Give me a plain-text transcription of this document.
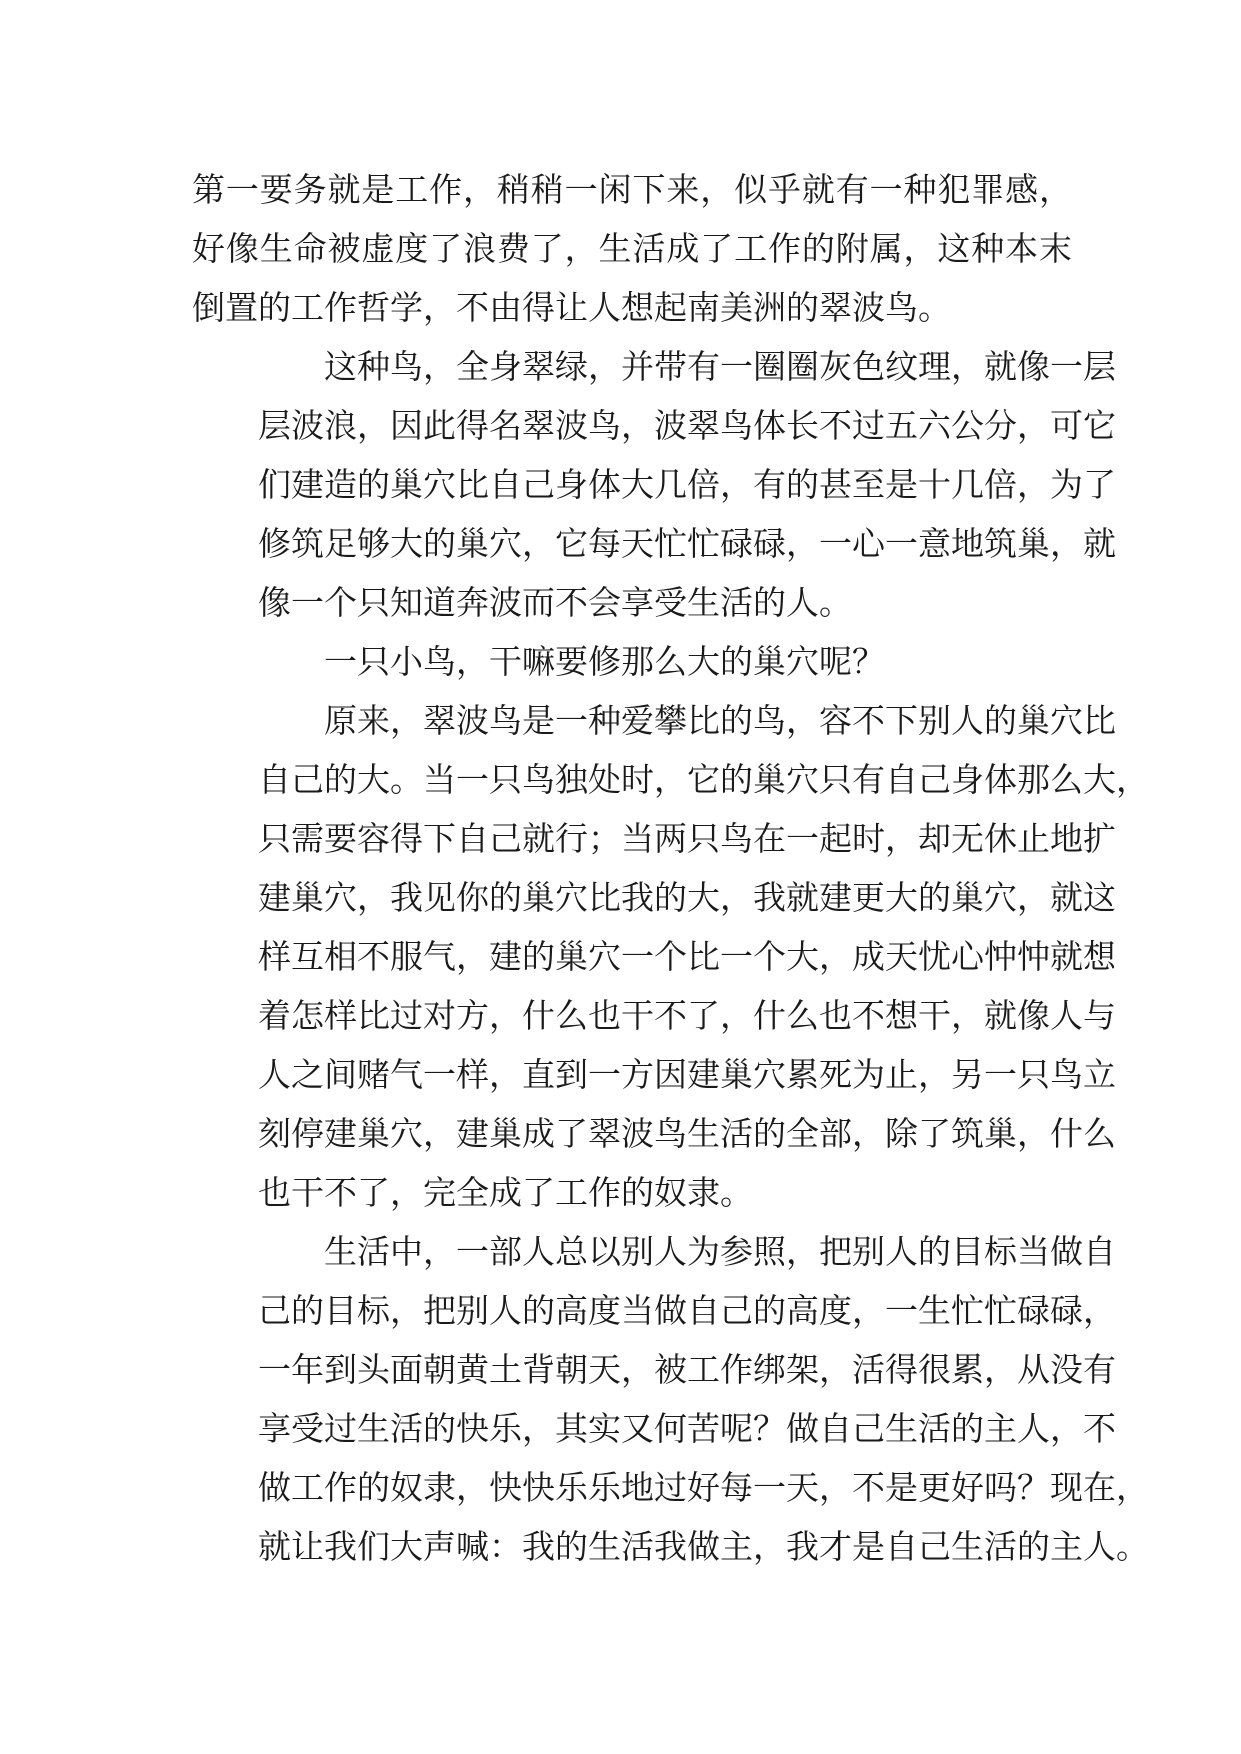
第一要务就是工作，稍稍一闲下来，似乎就有一种犯罪感，
好像生命被虚度了浪费了，生活成了工作的附属，这种本末
倒置的工作哲学，不由得让人想起南美洲的翠波鸟。

这种鸟，全身翠绿，并带有一圈圈灰色纹理，就像一层
层波浪，因此得名翠波鸟，波翠鸟体长不过五六公分，可它
们建造的巢穴比自己身体大几倍，有的甚至是十几倍，为了
修筑足够大的巢穴，它每天忙忙碌碌，一心一意地筑巢，就
像一个只知道奔波而不会享受生活的人。

一只小鸟，干嘛要修那么大的巢穴呢？

原来，翠波鸟是一种爱攀比的鸟，容不下别人的巢穴比
自己的大。当一只鸟独处时，它的巢穴只有自己身体那么大，
只需要容得下自己就行；当两只鸟在一起时，却无休止地扩
建巢穴，我见你的巢穴比我的大，我就建更大的巢穴，就这
样互相不服气，建的巢穴一个比一个大，成天忧心忡忡就想
着怎样比过对方，什么也干不了，什么也不想干，就像人与
人之间赌气一样，直到一方因建巢穴累死为止，另一只鸟立
刻停建巢穴，建巢成了翠波鸟生活的全部，除了筑巢，什么
也干不了，完全成了工作的奴隶。

生活中，一部人总以别人为参照，把别人的目标当做自
己的目标，把别人的高度当做自己的高度，一生忙忙碌碌，
一年到头面朝黄土背朝天，被工作绑架，活得很累，从没有
享受过生活的快乐，其实又何苦呢？做自己生活的主人，不
做工作的奴隶，快快乐乐地过好每一天，不是更好吗？现在，
就让我们大声喊：我的生活我做主，我才是自己生活的主人。
